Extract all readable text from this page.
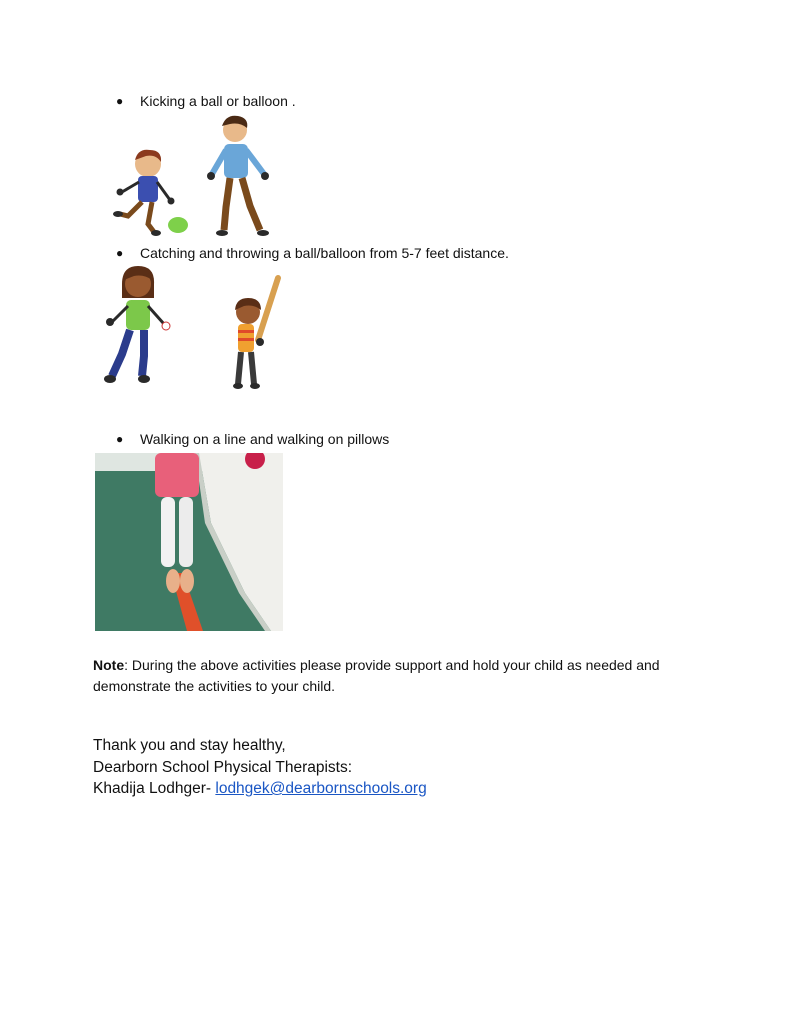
●	Kicking a ball or balloon .
●	Catching and throwing a ball/balloon from 5-7 feet distance.
●	Walking on a line and walking on pillows
Note: During the above activities please provide support and hold your child as needed and demonstrate the activities to your child.
Thank you and stay healthy,
Dearborn School Physical Therapists:
Khadija Lodhger- lodhgek@dearbornschools.org
